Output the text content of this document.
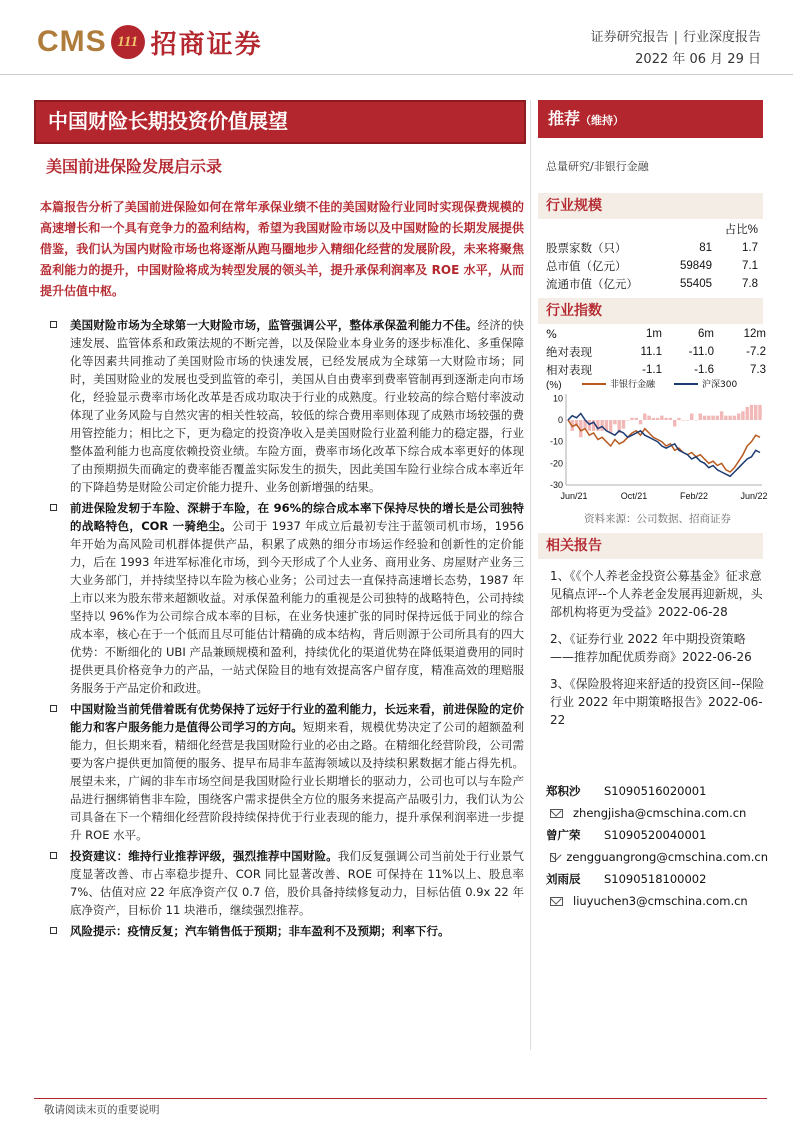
CMS 111 招商证券	证券研究报告 | 行业深度报告
2022 年 06 月 29 日
中国财险长期投资价值展望	推荐（维持）
美国前进保险发展启示录
本篇报告分析了美国前进保险如何在常年承保业绩不佳的美国财险行业同时实现保费规模的高速增长和一个具有竞争力的盈利结构，希望为我国财险市场以及中国财险的长期发展提供借鉴，我们认为国内财险市场也将逐渐从跑马圈地步入精细化经营的发展阶段，未来将聚焦盈利能力的提升，中国财险将成为转型发展的领头羊，提升承保利润率及 ROE 水平，从而提升估值中枢。
美国财险市场为全球第一大财险市场，监管强调公平，整体承保盈利能力不佳。经济的快速发展、监管体系和政策法规的不断完善，以及保险业本身业务的逐步标准化、多重保障化等因素共同推动了美国财险市场的快速发展，已经发展成为全球第一大财险市场；同时，美国财险业的发展也受到监管的牵引，美国从自由费率到费率管制再到逐渐走向市场化，经验显示费率市场化改革是否成功取决于行业的成熟度。行业较高的综合赔付率波动体现了业务风险与自然灾害的相关性较高，较低的综合费用率则体现了成熟市场较强的费用管控能力；相比之下，更为稳定的投资净收入是美国财险行业盈利能力的稳定器，行业整体盈利能力也高度依赖投资业绩。车险方面，费率市场化改革下综合成本率更好的体现了由预期损失而确定的费率能否覆盖实际发生的损失，因此美国车险行业综合成本率近年的下降趋势是财险公司定价能力提升、业务创新增强的结果。
前进保险发轫于车险、深耕于车险，在 96%的综合成本率下保持尽快的增长是公司独特的战略特色，COR 一骑绝尘。公司于 1937 年成立后最初专注于蓝领司机市场，1956 年开始为高风险司机群体提供产品，积累了成熟的细分市场运作经验和创新性的定价能力，后在 1993 年进军标准化市场，到今天形成了个人业务、商用业务、房屋财产业务三大业务部门，并持续坚持以车险为核心业务；公司过去一直保持高速增长态势，1987 年上市以来为股东带来超额收益。对承保盈利能力的重视是公司独特的战略特色，公司持续坚持以 96%作为公司综合成本率的目标，在业务快速扩张的同时保持远低于同业的综合成本率，核心在于一个低而且尽可能估计精确的成本结构，背后则源于公司所具有的四大优势：不断细化的 UBI 产品兼顾规模和盈利，持续优化的渠道优势在降低渠道费用的同时提供更具价格竞争力的产品，一站式保险目的地有效提高客户留存度，精准高效的理赔服务服务于产品定价和政进。
中国财险当前凭借着既有优势保持了远好于行业的盈利能力，长远来看，前进保险的定价能力和客户服务能力是值得公司学习的方向。短期来看，规模优势决定了公司的超额盈利能力，但长期来看，精细化经营是我国财险行业的必由之路。在精细化经营阶段，公司需要为客户提供更加简便的服务、提早布局非车蓝海领域以及持续积累数据才能占得先机。展望未来，广阔的非车市场空间是我国财险行业长期增长的驱动力，公司也可以与车险产品进行捆绑销售非车险，围绕客户需求提供全方位的服务来提高产品吸引力，我们认为公司具备在下一个精细化经营阶段持续保持优于行业表现的能力，提升承保利润率进一步提升 ROE 水平。
投资建议：维持行业推荐评级，强烈推荐中国财险。我们反复强调公司当前处于行业景气度显著改善、市占率稳步提升、COR 同比显著改善、ROE 可保持在 11%以上、股息率 7%、估值对应 22 年底净资产仅 0.7 倍，股价具备持续修复动力，目标估值 0.9x 22 年底净资产，目标价 11 块港币，继续强烈推荐。
风险提示：疫情反复；汽车销售低于预期；非车盈利不及预期；利率下行。
总量研究/非银行金融
行业规模
占比%
股票家数（只）	81	1.7
总市值（亿元）	59849	7.1
流通市值（亿元）	55405	7.8
行业指数
%	1m	6m	12m
绝对表现	11.1	-11.0	-7.2
相对表现	-1.1	-1.6	7.3
(%)	非银行金融	沪深300
10
0
-10
-20
-30
Jun/21	Oct/21	Feb/22	Jun/22
资料来源：公司数据、招商证券
相关报告
1、《《个人养老金投资公募基金》征求意见稿点评--个人养老金发展再迎新规，头部机构将更为受益》2022-06-28
2、《证券行业 2022 年中期投资策略——推荐加配优质券商》2022-06-26
3、《保险股将迎来舒适的投资区间--保险行业 2022 年中期策略报告》2022-06-22
郑积沙	S1090516020001
zhengjisha@cmschina.com.cn
曾广荣	S1090520040001
zengguangrong@cmschina.com.cn
刘雨辰	S1090518100002
liuyuchen3@cmschina.com.cn
敬请阅读末页的重要说明
